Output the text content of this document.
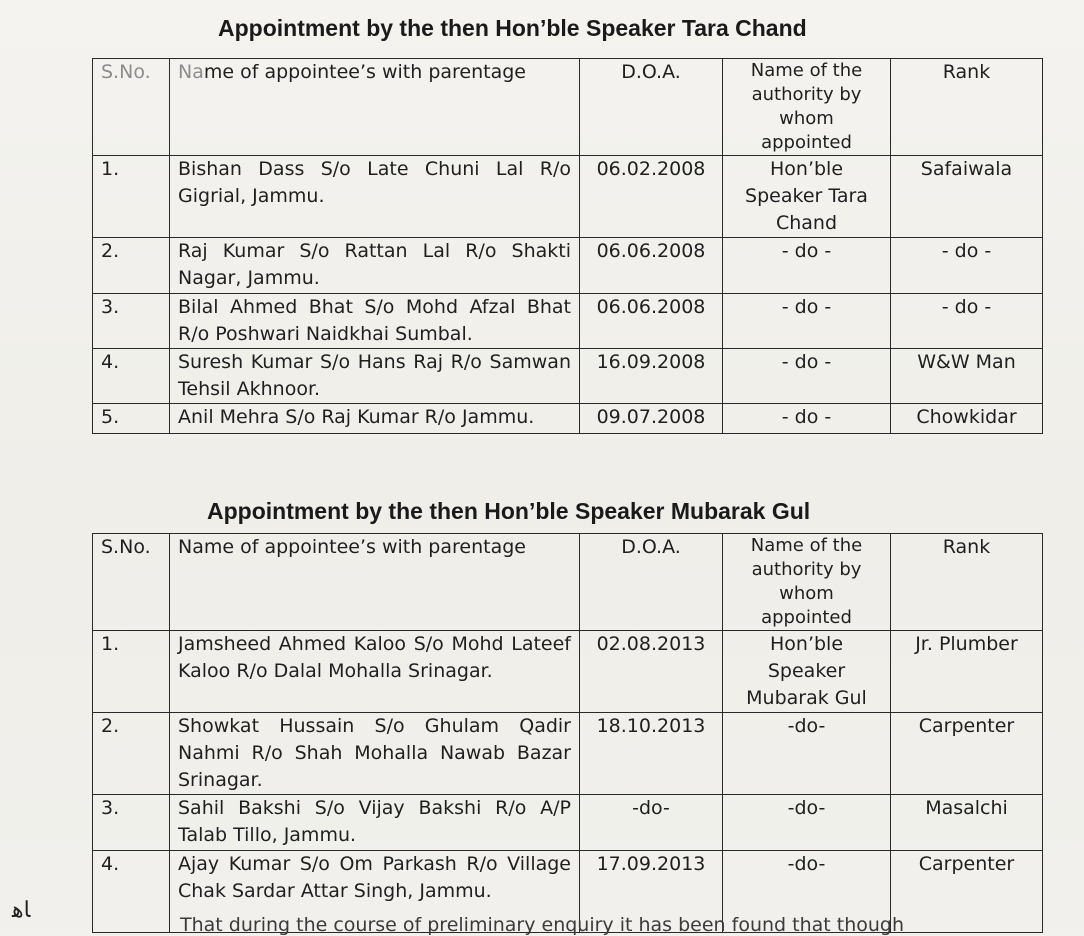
Appointment by the then Hon’ble Speaker Tara Chand
S.No.	Name of appointee’s with parentage	D.O.A.	Name of the authority by whom appointed	Rank
1.	Bishan Dass S/o Late Chuni Lal R/o Gigrial, Jammu.	06.02.2008	Hon’ble Speaker Tara Chand	Safaiwala
2.	Raj Kumar S/o Rattan Lal R/o Shakti Nagar, Jammu.	06.06.2008	- do -	- do -
3.	Bilal Ahmed Bhat S/o Mohd Afzal Bhat R/o Poshwari Naidkhai Sumbal.	06.06.2008	- do -	- do -
4.	Suresh Kumar S/o Hans Raj R/o Samwan Tehsil Akhnoor.	16.09.2008	- do -	W&W Man
5.	Anil Mehra S/o Raj Kumar R/o Jammu.	09.07.2008	- do -	Chowkidar
Appointment by the then Hon’ble Speaker Mubarak Gul
S.No.	Name of appointee’s with parentage	D.O.A.	Name of the authority by whom appointed	Rank
1.	Jamsheed Ahmed Kaloo S/o Mohd Lateef Kaloo R/o Dalal Mohalla Srinagar.	02.08.2013	Hon’ble Speaker Mubarak Gul	Jr. Plumber
2.	Showkat Hussain S/o Ghulam Qadir Nahmi R/o Shah Mohalla Nawab Bazar Srinagar.	18.10.2013	-do-	Carpenter
3.	Sahil Bakshi S/o Vijay Bakshi R/o A/P Talab Tillo, Jammu.	-do-	-do-	Masalchi
4.	Ajay Kumar S/o Om Parkash R/o Village Chak Sardar Attar Singh, Jammu.	17.09.2013	-do-	Carpenter
ﺎﻫ
That during the course of preliminary enquiry it has been found that though
